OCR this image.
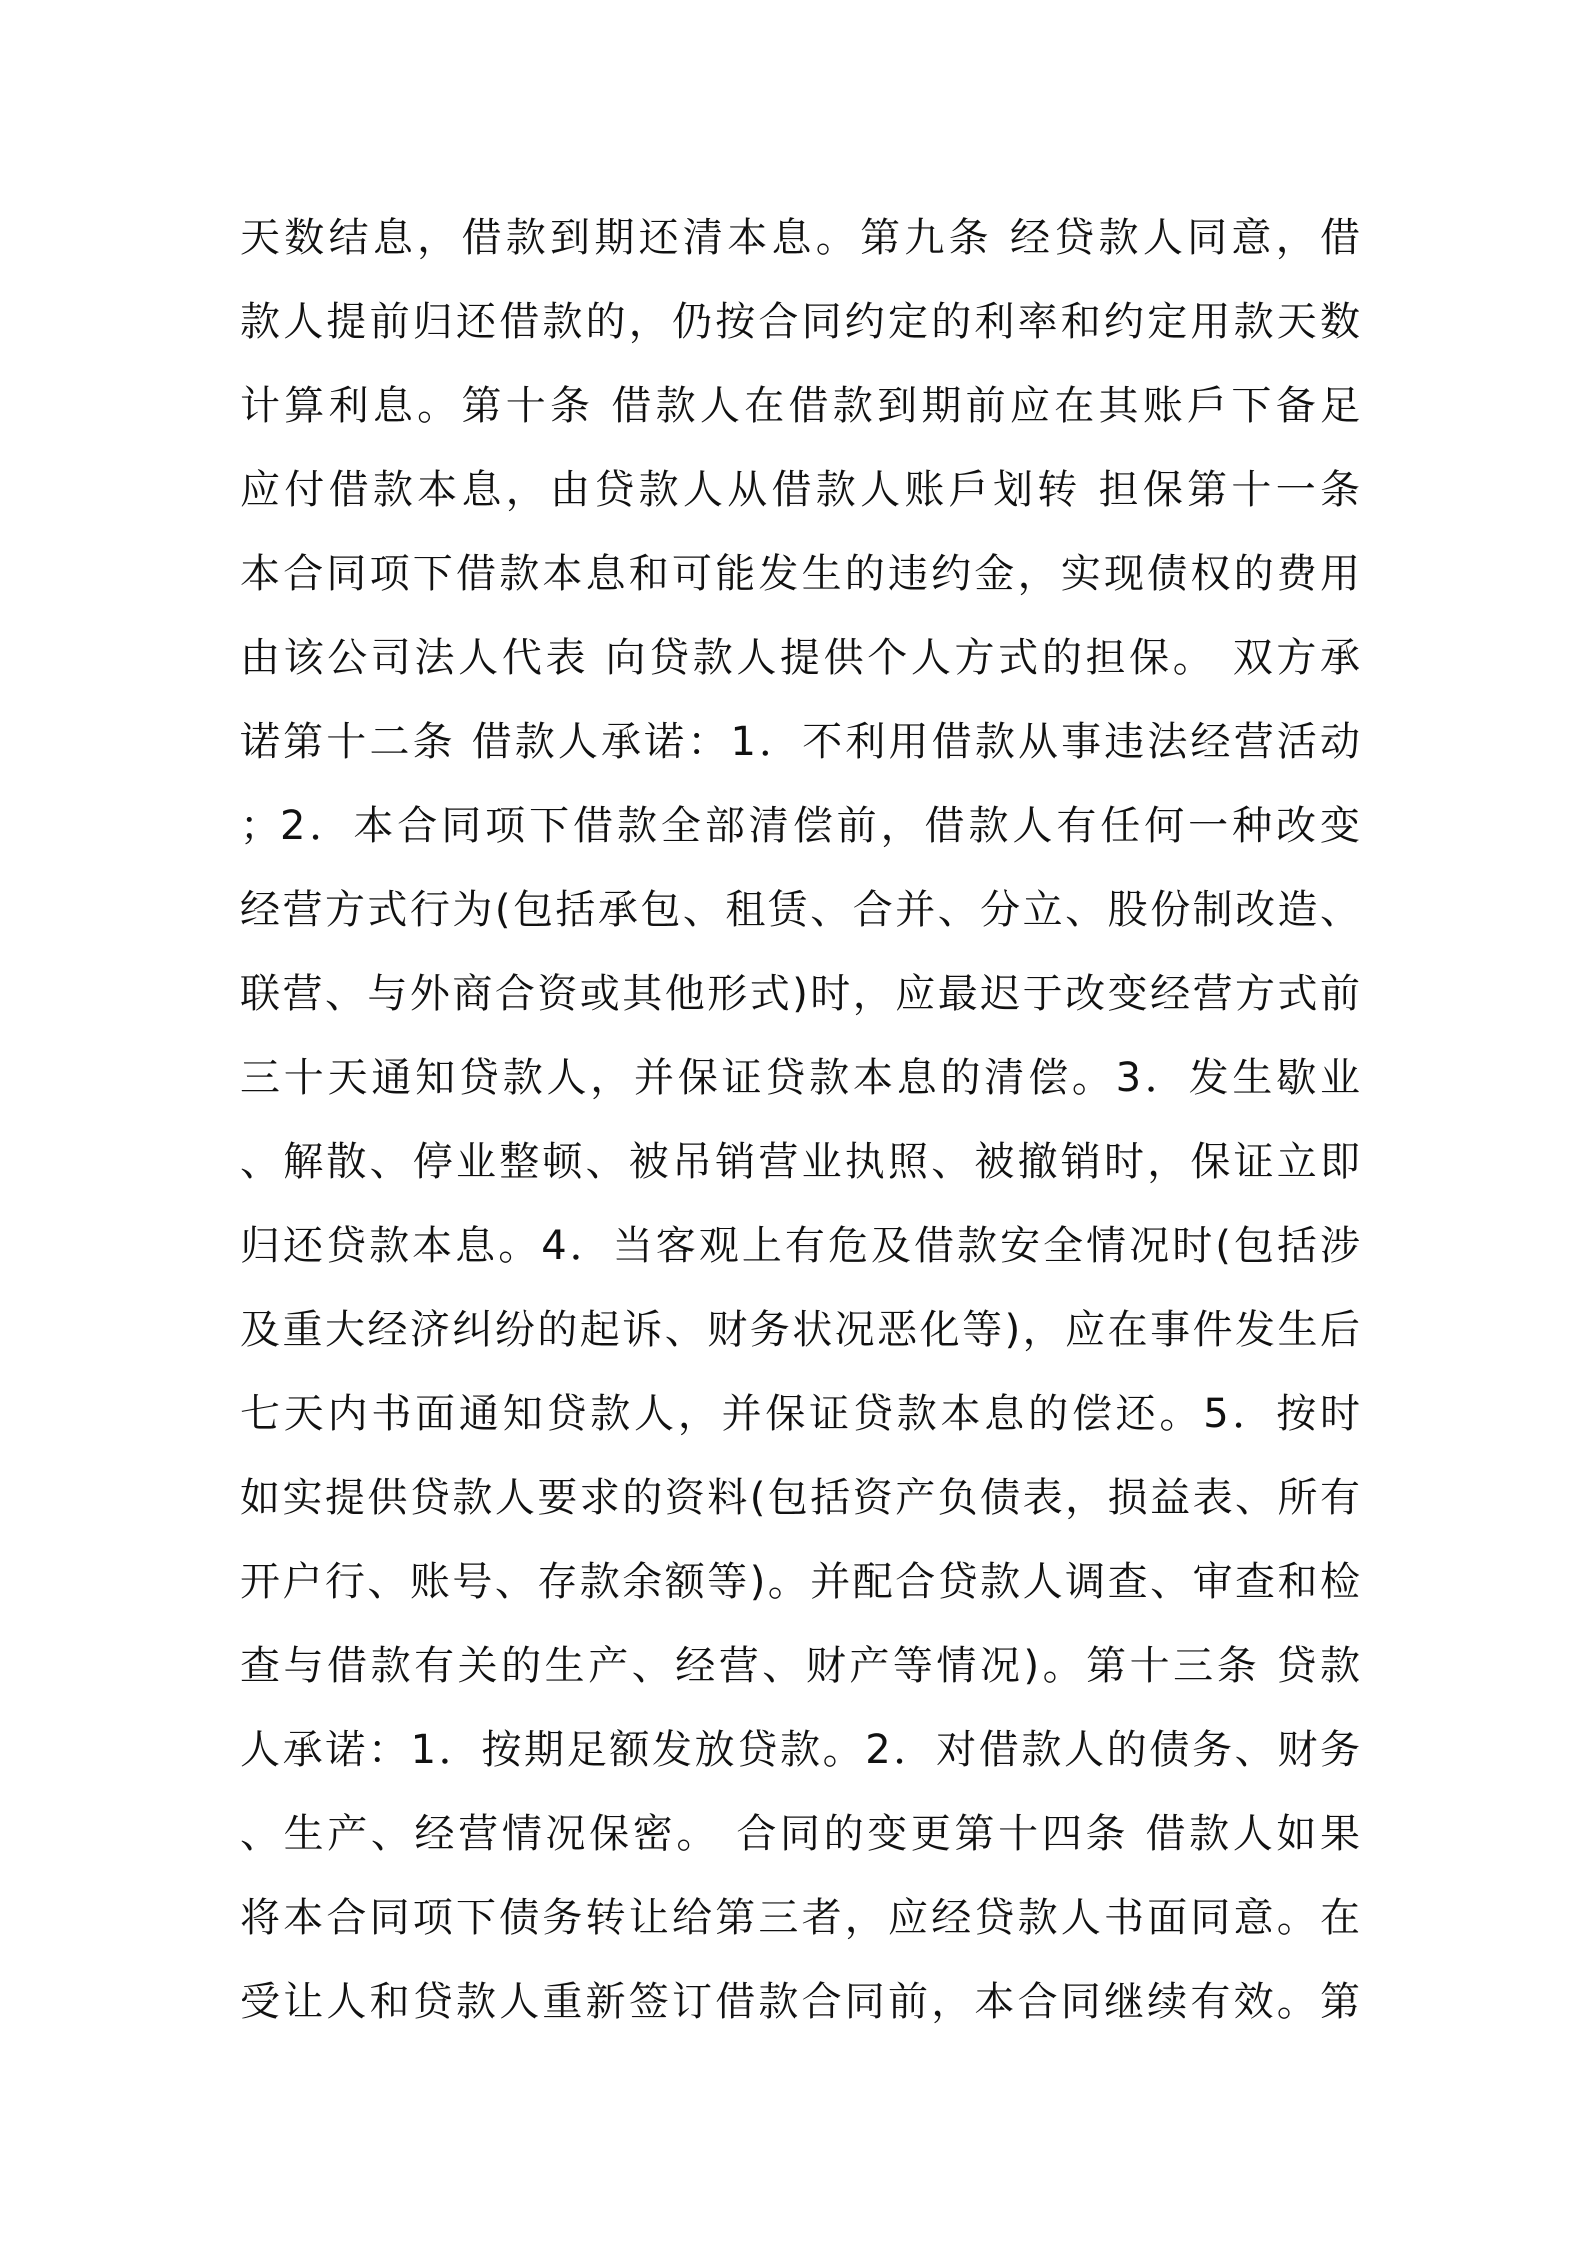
天数结息，借款到期还清本息。第九条 经贷款人同意，借
款人提前归还借款的，仍按合同约定的利率和约定用款天数
计算利息。第十条 借款人在借款到期前应在其账戶下备足
应付借款本息，由贷款人从借款人账戶划转 担保第十一条
本合同项下借款本息和可能发生的违约金，实现债权的费用
由该公司法人代表 向贷款人提供个人方式的担保。 双方承
诺第十二条 借款人承诺：1．不利用借款从事违法经营活动
；2．本合同项下借款全部清偿前，借款人有任何一种改变
经营方式行为(包括承包、租赁、合并、分立、股份制改造、
联营、与外商合资或其他形式)时，应最迟于改变经营方式前
三十天通知贷款人，并保证贷款本息的清偿。3．发生歇业
、解散、停业整顿、被吊销营业执照、被撤销时，保证立即
归还贷款本息。4．当客观上有危及借款安全情况时(包括涉
及重大经济纠纷的起诉、财务状况恶化等)，应在事件发生后
七天内书面通知贷款人，并保证贷款本息的偿还。5．按时
如实提供贷款人要求的资料(包括资产负债表，损益表、所有
开户行、账号、存款余额等)。并配合贷款人调查、审查和检
查与借款有关的生产、经营、财产等情况)。第十三条 贷款
人承诺：1．按期足额发放贷款。2．对借款人的债务、财务
、生产、经营情况保密。 合同的变更第十四条 借款人如果
将本合同项下债务转让给第三者，应经贷款人书面同意。在
受让人和贷款人重新签订借款合同前，本合同继续有效。第
